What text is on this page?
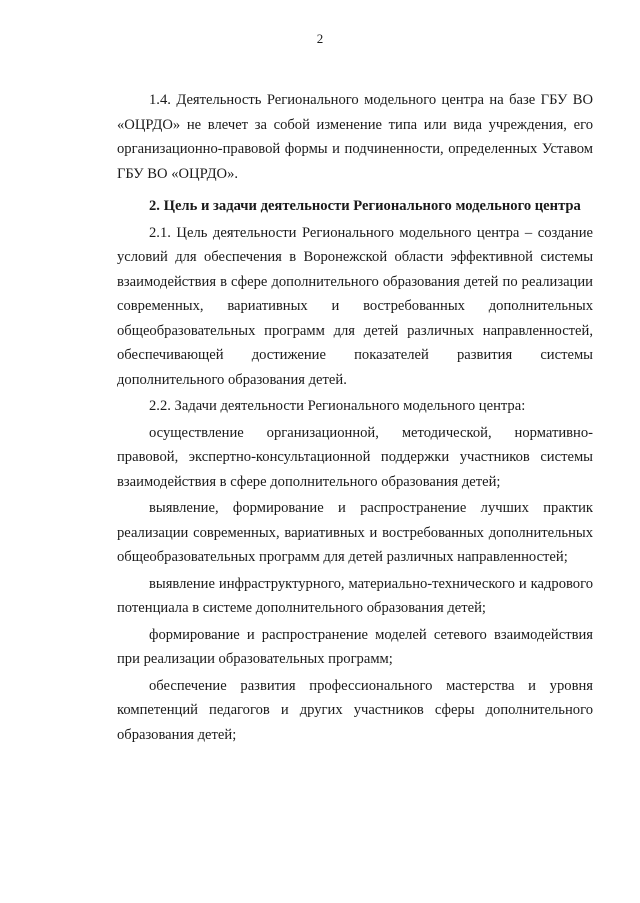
2

1.4. Деятельность Регионального модельного центра на базе ГБУ ВО «ОЦРДО» не влечет за собой изменение типа или вида учреждения, его организационно-правовой формы и подчиненности, определенных Уставом ГБУ ВО «ОЦРДО».

2. Цель и задачи деятельности Регионального модельного центра

2.1. Цель деятельности Регионального модельного центра – создание условий для обеспечения в Воронежской области эффективной системы взаимодействия в сфере дополнительного образования детей по реализации современных, вариативных и востребованных дополнительных общеобразовательных программ для детей различных направленностей, обеспечивающей достижение показателей развития системы дополнительного образования детей.

2.2. Задачи деятельности Регионального модельного центра:

осуществление организационной, методической, нормативно-правовой, экспертно-консультационной поддержки участников системы взаимодействия в сфере дополнительного образования детей;

выявление, формирование и распространение лучших практик реализации современных, вариативных и востребованных дополнительных общеобразовательных программ для детей различных направленностей;

выявление инфраструктурного, материально-технического и кадрового потенциала в системе дополнительного образования детей;

формирование и распространение моделей сетевого взаимодействия при реализации образовательных программ;

обеспечение развития профессионального мастерства и уровня компетенций педагогов и других участников сферы дополнительного образования детей;
